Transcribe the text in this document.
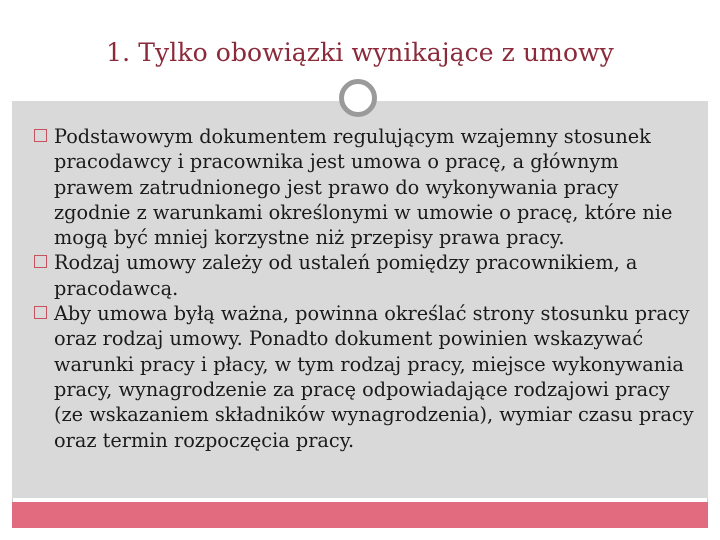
1. Tylko obowiązki wynikające z umowy
Podstawowym dokumentem regulującym wzajemny stosunek pracodawcy i pracownika jest umowa o pracę, a głównym prawem zatrudnionego jest prawo do wykonywania pracy zgodnie z warunkami określonymi w umowie o pracę, które nie mogą być mniej korzystne niż przepisy prawa pracy.
Rodzaj umowy zależy od ustaleń pomiędzy pracownikiem, a pracodawcą.
Aby umowa byłą ważna, powinna określać strony stosunku pracy oraz rodzaj umowy. Ponadto dokument powinien wskazywać warunki pracy i płacy, w tym rodzaj pracy, miejsce wykonywania pracy, wynagrodzenie za pracę odpowiadające rodzajowi pracy (ze wskazaniem składników wynagrodzenia), wymiar czasu pracy oraz termin rozpoczęcia pracy.
